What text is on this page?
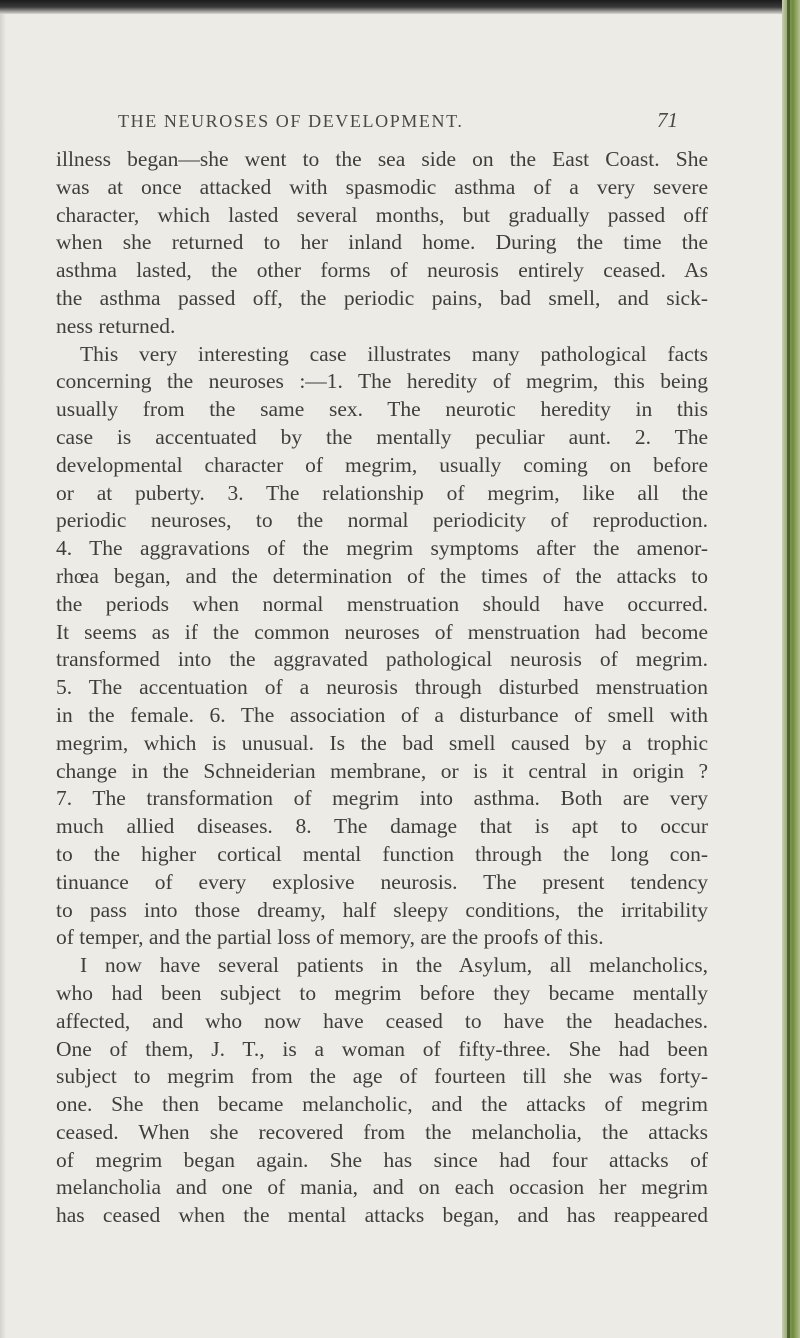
THE NEUROSES OF DEVELOPMENT.	71
illness began—she went to the sea side on the East Coast. She
was at once attacked with spasmodic asthma of a very severe
character, which lasted several months, but gradually passed off
when she returned to her inland home. During the time the
asthma lasted, the other forms of neurosis entirely ceased. As
the asthma passed off, the periodic pains, bad smell, and sick-
ness returned.
This very interesting case illustrates many pathological facts
concerning the neuroses :—1. The heredity of megrim, this being
usually from the same sex. The neurotic heredity in this
case is accentuated by the mentally peculiar aunt. 2. The
developmental character of megrim, usually coming on before
or at puberty. 3. The relationship of megrim, like all the
periodic neuroses, to the normal periodicity of reproduction.
4. The aggravations of the megrim symptoms after the amenor-
rhœa began, and the determination of the times of the attacks to
the periods when normal menstruation should have occurred.
It seems as if the common neuroses of menstruation had become
transformed into the aggravated pathological neurosis of megrim.
5. The accentuation of a neurosis through disturbed menstruation
in the female. 6. The association of a disturbance of smell with
megrim, which is unusual. Is the bad smell caused by a trophic
change in the Schneiderian membrane, or is it central in origin ?
7. The transformation of megrim into asthma. Both are very
much allied diseases. 8. The damage that is apt to occur
to the higher cortical mental function through the long con-
tinuance of every explosive neurosis. The present tendency
to pass into those dreamy, half sleepy conditions, the irritability
of temper, and the partial loss of memory, are the proofs of this.
I now have several patients in the Asylum, all melancholics,
who had been subject to megrim before they became mentally
affected, and who now have ceased to have the headaches.
One of them, J. T., is a woman of fifty-three. She had been
subject to megrim from the age of fourteen till she was forty-
one. She then became melancholic, and the attacks of megrim
ceased. When she recovered from the melancholia, the attacks
of megrim began again. She has since had four attacks of
melancholia and one of mania, and on each occasion her megrim
has ceased when the mental attacks began, and has reappeared
